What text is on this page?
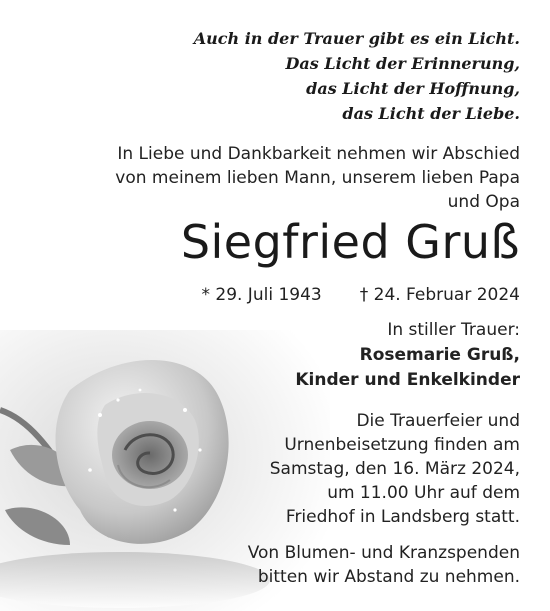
Auch in der Trauer gibt es ein Licht.
Das Licht der Erinnerung,
das Licht der Hoffnung,
das Licht der Liebe.
In Liebe und Dankbarkeit nehmen wir Abschied
von meinem lieben Mann, unserem lieben Papa
und Opa
Siegfried Gruß
* 29. Juli 1943 † 24. Februar 2024
In stiller Trauer:
Rosemarie Gruß,
Kinder und Enkelkinder
Die Trauerfeier und
Urnenbeisetzung finden am
Samstag, den 16. März 2024,
um 11.00 Uhr auf dem
Friedhof in Landsberg statt.
Von Blumen- und Kranzspenden
bitten wir Abstand zu nehmen.
